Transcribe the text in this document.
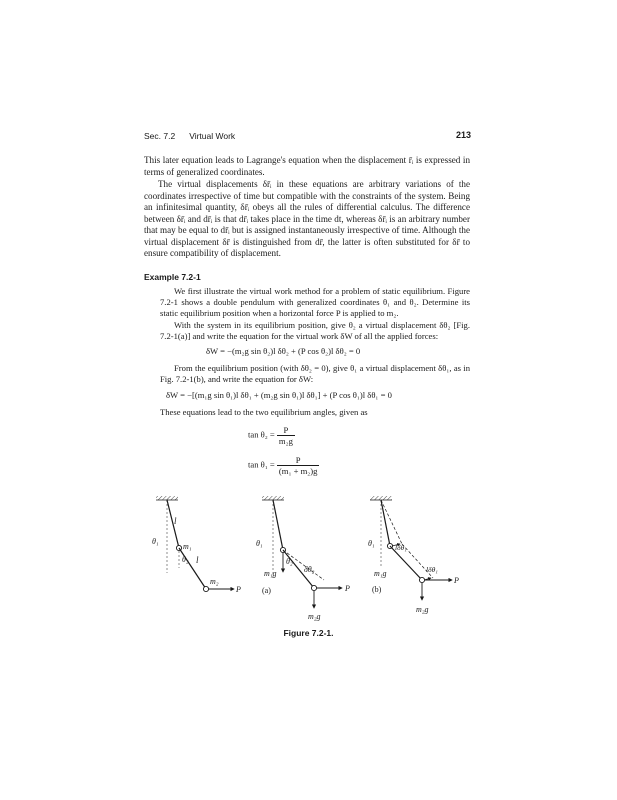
Sec. 7.2 Virtual Work	213

This later equation leads to Lagrange's equation when the displacement r̄ᵢ is expressed in terms of generalized coordinates.

The virtual displacements δr̄ᵢ in these equations are arbitrary variations of the coordinates irrespective of time but compatible with the constraints of the system. Being an infinitesimal quantity, δr̄ᵢ obeys all the rules of differential calculus. The difference between δr̄ᵢ and dr̄ᵢ is that dr̄ᵢ takes place in the time dt, whereas δr̄ᵢ is an arbitrary number that may be equal to dr̄ᵢ but is assigned instantaneously irrespective of time. Although the virtual displacement δr̄ is distinguished from dr̄, the latter is often substituted for δr̄ to ensure compatibility of displacement.

Example 7.2-1

We first illustrate the virtual work method for a problem of static equilibrium. Figure 7.2-1 shows a double pendulum with generalized coordinates θ₁ and θ₂. Determine its static equilibrium position when a horizontal force P is applied to m₂.

With the system in its equilibrium position, give θ₂ a virtual displacement δθ₂ [Fig. 7.2-1(a)] and write the equation for the virtual work δW of all the applied forces:

δW = −(m₂g sin θ₂)l δθ₂ + (P cos θ₂)l δθ₂ = 0

From the equilibrium position (with δθ₂ = 0), give θ₁ a virtual displacement δθ₁, as in Fig. 7.2-1(b), and write the equation for δW:

δW = −[(m₁g sin θ₁)l δθ₁ + (m₂g sin θ₁)l δθ₁] + (P cos θ₁)l δθ₁ = 0

These equations lead to the two equilibrium angles, given as

$\tan \theta_2 = \frac{P}{\text{m₂g}}$
$\tan \theta_1 = \frac{P}{\text{(m₁ + m₂)g}}$
l
l
θ₁
θ₂
m₁
m₂
P
θ₁
θ₂
δθ₂
m₁g
m₂g
P
(a)
θ₁	lδθ₁
lδθ₁
m₁g
m₂g
P
(b)
Figure 7.2-1.
